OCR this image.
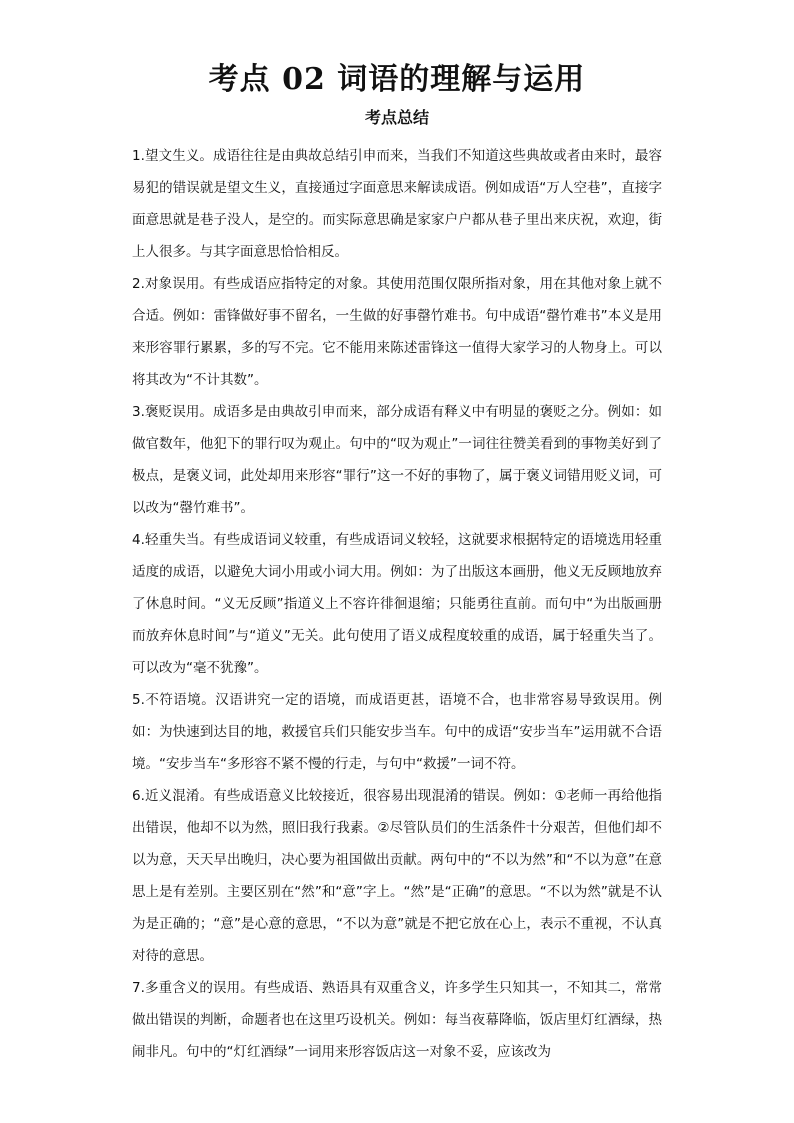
考点 02 词语的理解与运用
考点总结

1.望文生义。成语往往是由典故总结引申而来，当我们不知道这些典故或者由来时，最容易犯的错误就是望文生义，直接通过字面意思来解读成语。例如成语“万人空巷”，直接字面意思就是巷子没人，是空的。而实际意思确是家家户户都从巷子里出来庆祝，欢迎，街上人很多。与其字面意思恰恰相反。

2.对象误用。有些成语应指特定的对象。其使用范围仅限所指对象，用在其他对象上就不合适。例如：雷锋做好事不留名，一生做的好事罄竹难书。句中成语“罄竹难书”本义是用来形容罪行累累，多的写不完。它不能用来陈述雷锋这一值得大家学习的人物身上。可以将其改为“不计其数”。

3.褒贬误用。成语多是由典故引申而来，部分成语有释义中有明显的褒贬之分。例如：如做官数年，他犯下的罪行叹为观止。句中的“叹为观止”一词往往赞美看到的事物美好到了极点，是褒义词，此处却用来形容“罪行”这一不好的事物了，属于褒义词错用贬义词，可以改为“罄竹难书”。

4.轻重失当。有些成语词义较重，有些成语词义较轻，这就要求根据特定的语境选用轻重适度的成语，以避免大词小用或小词大用。例如：为了出版这本画册，他义无反顾地放弃了休息时间。“义无反顾”指道义上不容许徘徊退缩；只能勇往直前。而句中“为出版画册而放弃休息时间”与“道义”无关。此句使用了语义成程度较重的成语，属于轻重失当了。可以改为“毫不犹豫”。

5.不符语境。汉语讲究一定的语境，而成语更甚，语境不合，也非常容易导致误用。例如：为快速到达目的地，救援官兵们只能安步当车。句中的成语“安步当车”运用就不合语境。“安步当车“多形容不紧不慢的行走，与句中“救援”一词不符。

6.近义混淆。有些成语意义比较接近，很容易出现混淆的错误。例如：①老师一再给他指出错误，他却不以为然，照旧我行我素。②尽管队员们的生活条件十分艰苦，但他们却不以为意，天天早出晚归，决心要为祖国做出贡献。两句中的“不以为然”和“不以为意”在意思上是有差别。主要区别在“然”和“意”字上。“然”是“正确”的意思。“不以为然”就是不认为是正确的；“意”是心意的意思，“不以为意”就是不把它放在心上，表示不重视，不认真对待的意思。

7.多重含义的误用。有些成语、熟语具有双重含义，许多学生只知其一，不知其二，常常做出错误的判断，命题者也在这里巧设机关。例如：每当夜幕降临，饭店里灯红酒绿，热闹非凡。句中的“灯红酒绿”一词用来形容饭店这一对象不妥，应该改为
